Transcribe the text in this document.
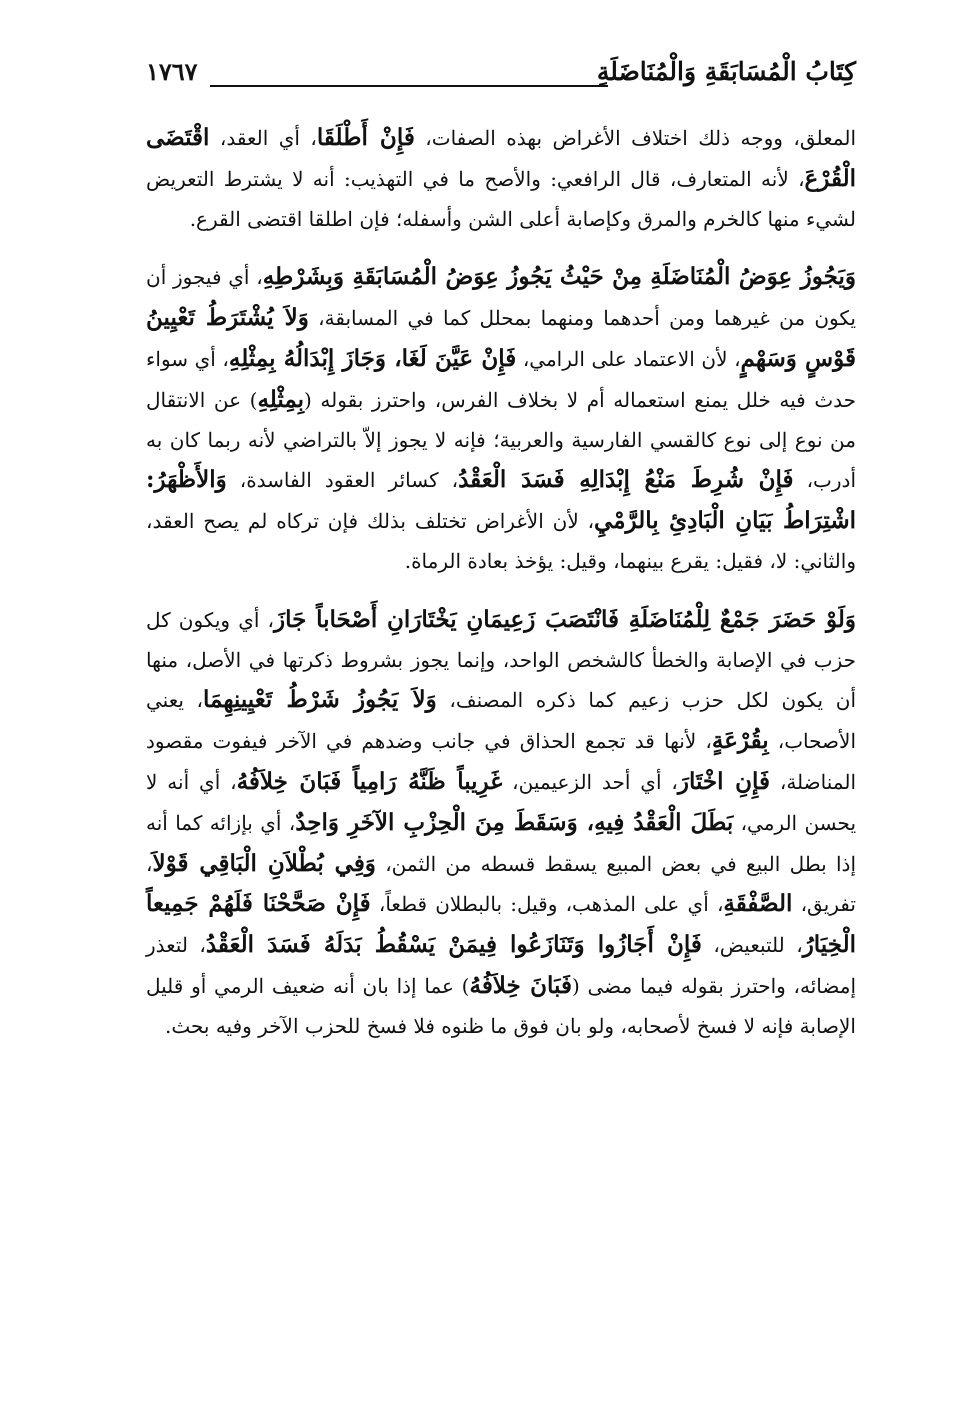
كِتَابُ الْمُسَابَقَةِ وَالْمُنَاضَلَةِ
١٧٦٧

المعلق، ووجه ذلك اختلاف الأغراض بهذه الصفات، فَإِنْ أَطْلَقَا، أي العقد، اقْتَضَى الْقُرْعَ، لأنه المتعارف، قال الرافعي: والأصح ما في التهذيب: أنه لا يشترط التعريض لشيء منها كالخرم والمرق وكإصابة أعلى الشن وأسفله؛ فإن اطلقا اقتضى القرع.

وَيَجُوزُ عِوَضُ الْمُنَاضَلَةِ مِنْ حَيْثُ يَجُوزُ عِوَضُ الْمُسَابَقَةِ وَبِشَرْطِهِ، أي فيجوز أن يكون من غيرهما ومن أحدهما ومنهما بمحلل كما في المسابقة، وَلاَ يُشْتَرَطُ تَعْيِينُ قَوْسٍ وَسَهْمٍ، لأن الاعتماد على الرامي، فَإِنْ عَيَّنَ لَغَا، وَجَازَ إِبْدَالُهُ بِمِثْلِهِ، أي سواء حدث فيه خلل يمنع استعماله أم لا بخلاف الفرس، واحترز بقوله (بِمِثْلِهِ) عن الانتقال من نوع إلى نوع كالقسي الفارسية والعربية؛ فإنه لا يجوز إلاّ بالتراضي لأنه ربما كان به أدرب، فَإِنْ شُرِطَ مَنْعُ إِبْدَالِهِ فَسَدَ الْعَقْدُ، كسائر العقود الفاسدة، وَالأَظْهَرُ: اشْتِرَاطُ بَيَانِ الْبَادِئِ بِالرَّمْيِ، لأن الأغراض تختلف بذلك فإن تركاه لم يصح العقد، والثاني: لا، فقيل: يقرع بينهما، وقيل: يؤخذ بعادة الرماة.

وَلَوْ حَضَرَ جَمْعٌ لِلْمُنَاضَلَةِ فَانْتَصَبَ زَعِيمَانِ يَخْتَارَانِ أَصْحَاباً جَازَ، أي ويكون كل حزب في الإصابة والخطأ كالشخص الواحد، وإنما يجوز بشروط ذكرتها في الأصل، منها أن يكون لكل حزب زعيم كما ذكره المصنف، وَلاَ يَجُوزُ شَرْطُ تَعْيِينِهِمَا، يعني الأصحاب، بِقُرْعَةٍ، لأنها قد تجمع الحذاق في جانب وضدهم في الآخر فيفوت مقصود المناضلة، فَإِنِ اخْتَارَ، أي أحد الزعيمين، غَرِيباً ظَنَّهُ رَامِياً فَبَانَ خِلاَفُهُ، أي أنه لا يحسن الرمي، بَطَلَ الْعَقْدُ فِيهِ، وَسَقَطَ مِنَ الْحِزْبِ الآخَرِ وَاحِدٌ، أي بإزائه كما أنه إذا بطل البيع في بعض المبيع يسقط قسطه من الثمن، وَفِي بُطْلاَنِ الْبَاقِي قَوْلاَ، تفريق، الصَّفْقَةِ، أي على المذهب، وقيل: بالبطلان قطعاً، فَإِنْ صَحَّحْنَا فَلَهُمْ جَمِيعاً الْخِيَارُ، للتبعيض، فَإِنْ أَجَازُوا وَتَنَازَعُوا فِيمَنْ يَسْقُطُ بَدَلَهُ فَسَدَ الْعَقْدُ، لتعذر إمضائه، واحترز بقوله فيما مضى (فَبَانَ خِلاَفُهُ) عما إذا بان أنه ضعيف الرمي أو قليل الإصابة فإنه لا فسخ لأصحابه، ولو بان فوق ما ظنوه فلا فسخ للحزب الآخر وفيه بحث.
